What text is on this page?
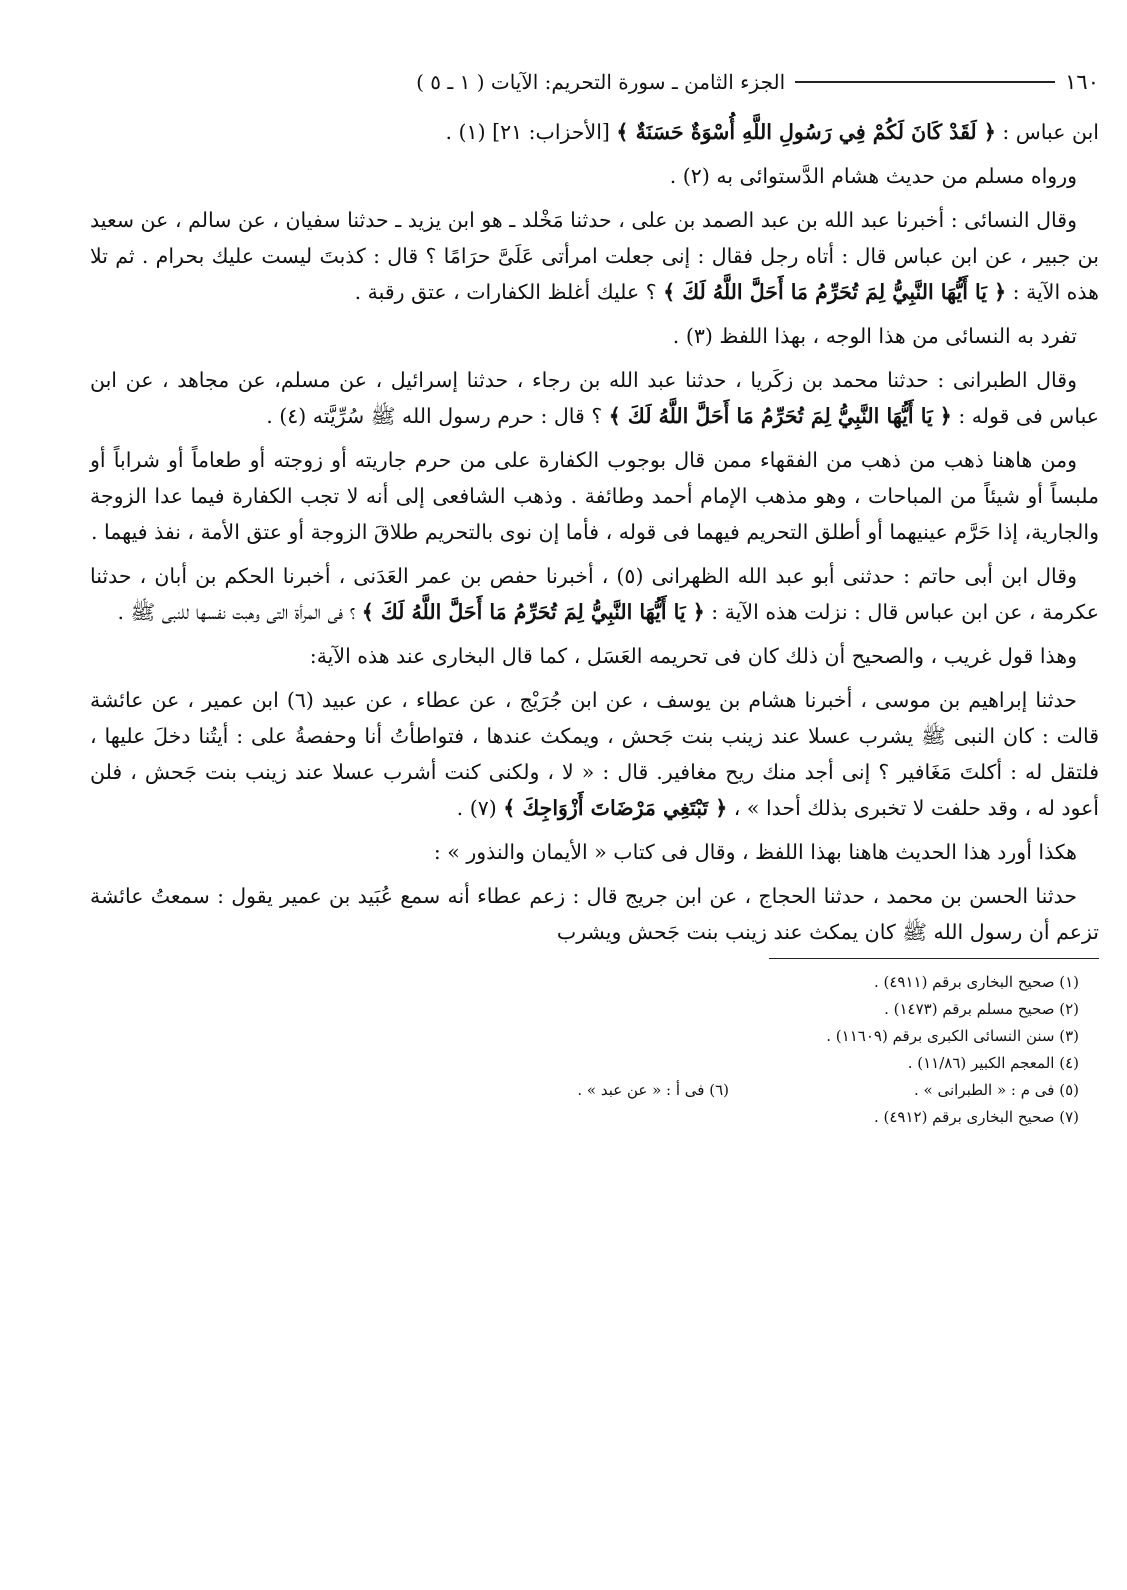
١٦٠
الجزء الثامن ـ سورة التحريم: الآيات ( ١ ـ ٥ )

ابن عباس : ﴿ لَقَدْ كَانَ لَكُمْ فِي رَسُولِ اللَّهِ أُسْوَةٌ حَسَنَةٌ ﴾ [الأحزاب: ٢١] (١) .

ورواه مسلم من حديث هشام الدَّستوائى به (٢) .

وقال النسائى : أخبرنا عبد الله بن عبد الصمد بن على ، حدثنا مَخْلد ـ هو ابن يزيد ـ حدثنا سفيان ، عن سالم ، عن سعيد بن جبير ، عن ابن عباس قال : أتاه رجل فقال : إنى جعلت امرأتى عَلَىَّ حرَامًا ؟ قال : كذبتَ ليست عليك بحرام . ثم تلا هذه الآية : ﴿ يَا أَيُّهَا النَّبِيُّ لِمَ تُحَرِّمُ مَا أَحَلَّ اللَّهُ لَكَ ﴾ ؟ عليك أغلظ الكفارات ، عتق رقبة .

تفرد به النسائى من هذا الوجه ، بهذا اللفظ (٣) .

وقال الطبرانى : حدثنا محمد بن زكَريا ، حدثنا عبد الله بن رجاء ، حدثنا إسرائيل ، عن مسلم، عن مجاهد ، عن ابن عباس فى قوله : ﴿ يَا أَيُّهَا النَّبِيُّ لِمَ تُحَرِّمُ مَا أَحَلَّ اللَّهُ لَكَ ﴾ ؟ قال : حرم رسول الله ﷺ سُرِّيَّته (٤) .

ومن هاهنا ذهب من ذهب من الفقهاء ممن قال بوجوب الكفارة على من حرم جاريته أو زوجته أو طعاماً أو شراباً أو ملبساً أو شيئاً من المباحات ، وهو مذهب الإمام أحمد وطائفة . وذهب الشافعى إلى أنه لا تجب الكفارة فيما عدا الزوجة والجارية، إذا حَرَّم عينيهما أو أطلق التحريم فيهما فى قوله ، فأما إن نوى بالتحريم طلاقَ الزوجة أو عتق الأمة ، نفذ فيهما .

وقال ابن أبى حاتم : حدثنى أبو عبد الله الظهرانى (٥) ، أخبرنا حفص بن عمر العَدَنى ، أخبرنا الحكم بن أبان ، حدثنا عكرمة ، عن ابن عباس قال : نزلت هذه الآية : ﴿ يَا أَيُّهَا النَّبِيُّ لِمَ تُحَرِّمُ مَا أَحَلَّ اللَّهُ لَكَ ﴾ ؟ فى المرأة التى وهبت نفسها للنبى ﷺ .

وهذا قول غريب ، والصحيح أن ذلك كان فى تحريمه العَسَل ، كما قال البخارى عند هذه الآية:

حدثنا إبراهيم بن موسى ، أخبرنا هشام بن يوسف ، عن ابن جُرَيْج ، عن عطاء ، عن عبيد (٦) ابن عمير ، عن عائشة قالت : كان النبى ﷺ يشرب عسلا عند زينب بنت جَحش ، ويمكث عندها ، فتواطأتُ أنا وحفصةُ على : أيتُنا دخلَ عليها ، فلتقل له : أكلتَ مَغَافير ؟ إنى أجد منك ريح مغافير. قال : « لا ، ولكنى كنت أشرب عسلا عند زينب بنت جَحش ، فلن أعود له ، وقد حلفت لا تخبرى بذلك أحدا » ، ﴿ تَبْتَغِي مَرْضَاتَ أَزْوَاجِكَ ﴾ (٧) .

هكذا أورد هذا الحديث هاهنا بهذا اللفظ ، وقال فى كتاب « الأيمان والنذور » :

حدثنا الحسن بن محمد ، حدثنا الحجاج ، عن ابن جريج قال : زعم عطاء أنه سمع عُبَيد بن عمير يقول : سمعتُ عائشة تزعم أن رسول الله ﷺ كان يمكث عند زينب بنت جَحش ويشرب

(١) صحيح البخارى برقم (٤٩١١) .

(٢) صحيح مسلم برقم (١٤٧٣) .

(٣) سنن النسائى الكبرى برقم (١١٦٠٩) .

(٤) المعجم الكبير (١١/٨٦) .

(٥) فى م : « الطبرانى » .

(٦) فى أ : « عن عبد » .

(٧) صحيح البخارى برقم (٤٩١٢) .
